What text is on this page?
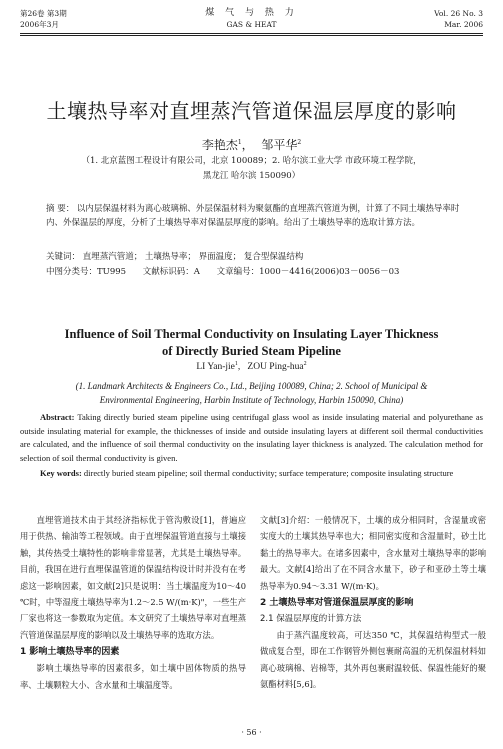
第26卷 第3期
2006年3月
煤 气 与 热 力
GAS & HEAT
Vol. 26 No. 3
Mar. 2006
土壤热导率对直埋蒸汽管道保温层厚度的影响
李艳杰$^1$， 邹平华$^2$
（1. 北京蓝图工程设计有限公司，北京 100089；2. 哈尔滨工业大学 市政环境工程学院，
黑龙江 哈尔滨 150090）
摘 要： 以内层保温材料为离心玻璃棉、外层保温材料为聚氨酯的直埋蒸汽管道为例，计算了不同土壤热导率时内、外保温层的厚度，分析了土壤热导率对保温层厚度的影响。给出了土壤热导率的选取计算方法。
关键词： 直埋蒸汽管道； 土壤热导率； 界面温度； 复合型保温结构
中图分类号：TU995 文献标识码：A 文章编号：1000－4416(2006)03－0056－03
Influence of Soil Thermal Conductivity on Insulating Layer Thickness
of Directly Buried Steam Pipeline
LI Yan-jie$^1$,   ZOU Ping-hua$^2$
(1. Landmark Architects & Engineers Co., Ltd., Beijing 100089, China; 2. School of Municipal &
Environmental Engineering, Harbin Institute of Technology, Harbin 150090, China)
Abstract: Taking directly buried steam pipeline using centrifugal glass wool as inside insulating material and polyurethane as outside insulating material for example, the thicknesses of inside and outside insulating layers at different soil thermal conductivities are calculated, and the influence of soil thermal conductivity on the insulating layer thickness is analyzed. The calculation method for selection of soil thermal conductivity is given.
Key words: directly buried steam pipeline; soil thermal conductivity; surface temperature; composite insulating structure

直埋管道技术由于其经济指标优于管沟敷设[1]，普遍应用于供热、输油等工程领域。由于直埋保温管道直接与土壤接触，其传热受土壤特性的影响非常显著，尤其是土壤热导率。目前，我国在进行直埋保温管道的保温结构设计时并没有在考虑这一影响因素，如文献[2]只是说明：当土壤温度为10～40 ℃时，中等湿度土壤热导率为1.2～2.5 W/(m·K)"，一些生产厂家也将这一参数取为定值。本文研究了土壤热导率对直埋蒸汽管道保温层厚度的影响以及土壤热导率的选取方法。

1 影响土壤热导率的因素

影响土壤热导率的因素很多，如土壤中固体物质的热导率、土壤颗粒大小、含水量和土壤温度等。

文献[3]介绍：一般情况下，土壤的成分相同时，含湿量或密实度大的土壤其热导率也大；相同密实度和含湿量时，砂土比黏土的热导率大。在诸多因素中，含水量对土壤热导率的影响最大。文献[4]给出了在不同含水量下，砂子和亚砂土等土壤热导率为0.94～3.31 W/(m·K)。

2 土壤热导率对管道保温层厚度的影响
2.1 保温层厚度的计算方法

由于蒸汽温度较高，可达350 ℃，其保温结构型式一般做成复合型，即在工作钢管外侧包裹耐高温的无机保温材料如离心玻璃棉、岩棉等，其外再包裹耐温较低、保温性能好的聚氨酯材料[5,6]。

· 56 ·
